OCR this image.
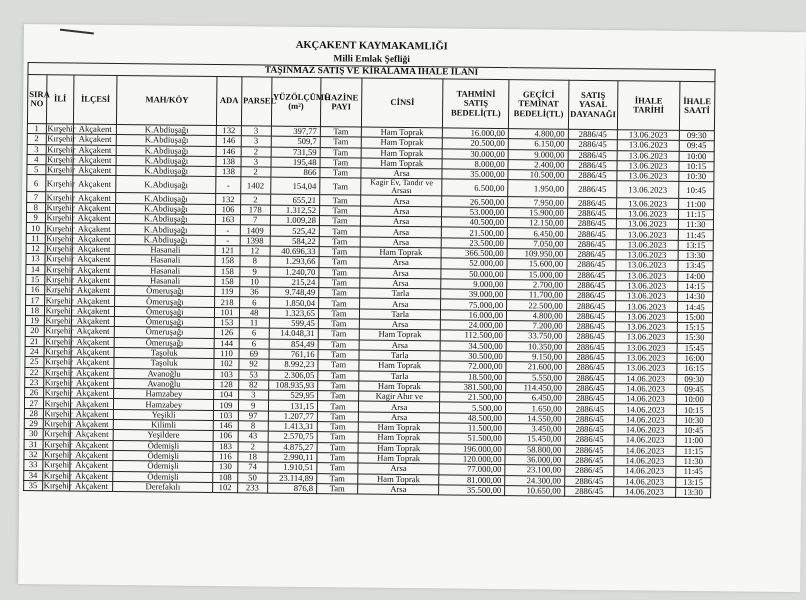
AKÇAKENT KAYMAKAMLIĞI
Milli Emlak Şefliği
TAŞINMAZ SATIŞ VE KİRALAMA İHALE İLANI													
SIRA NO	İLİ	İLÇESİ	MAH/KÖY	ADA	PARSEL	YÜZÖLÇÜMÜ (m²)	HAZİNE PAYI	CİNSİ	TAHMİNİ SATIŞ BEDELİ(TL)	GEÇİCİ TEMİNAT BEDELİ(TL)	SATIŞ YASAL DAYANAĞI	İHALE TARİHİ	İHALE SAATİ
1	Kırşehir	Akçakent	K.Abdiuşağı	132	3	397,77	Tam	Ham Toprak	16.000,00	4.800,00	2886/45	13.06.2023	09:30
2	Kırşehir	Akçakent	K.Abdiuşağı	146	3	509,7	Tam	Ham Toprak	20.500,00	6.150,00	2886/45	13.06.2023	09:45
3	Kırşehir	Akçakent	K.Abdiuşağı	146	2	731,59	Tam	Ham Toprak	30.000,00	9.000,00	2886/45	13.06.2023	10:00
4	Kırşehir	Akçakent	K.Abdiuşağı	138	3	195,48	Tam	Ham Toprak	8.000,00	2.400,00	2886/45	13.06.2023	10:15
5	Kırşehir	Akçakent	K.Abdiuşağı	138	2	866	Tam	Arsa	35.000,00	10.500,00	2886/45	13.06.2023	10:30
6	Kırşehir	Akçakent	K.Abdiuşağı	-	1402	154,04	Tam	Kagir Ev, Tandır ve Arsası	6.500,00	1.950,00	2886/45	13.06.2023	10:45
7	Kırşehir	Akçakent	K.Abdiuşağı	132	2	655,21	Tam	Arsa	26.500,00	7.950,00	2886/45	13.06.2023	11:00
8	Kırşehir	Akçakent	K.Abdiuşağı	106	178	1.312,52	Tam	Arsa	53.000,00	15.900,00	2886/45	13.06.2023	11:15
9	Kırşehir	Akçakent	K.Abdiuşağı	163	7	1.009,28	Tam	Arsa	40.500,00	12.150,00	2886/45	13.06.2023	11:30
10	Kırşehir	Akçakent	K.Abdiuşağı	-	1409	525,42	Tam	Arsa	21.500,00	6.450,00	2886/45	13.06.2023	11:45
11	Kırşehir	Akçakent	K.Abdiuşağı	-	1398	584,22	Tam	Arsa	23.500,00	7.050,00	2886/45	13.06.2023	13:15
12	Kırşehir	Akçakent	Hasanali	121	12	40.696,33	Tam	Ham Toprak	366.500,00	109.950,00	2886/45	13.06.2023	13:30
13	Kırşehir	Akçakent	Hasanali	158	8	1.293,66	Tam	Arsa	52.000,00	15.600,00	2886/45	13.06.2023	13:45
14	Kırşehir	Akçakent	Hasanali	158	9	1.240,70	Tam	Arsa	50.000,00	15.000,00	2886/45	13.06.2023	14:00
15	Kırşehir	Akçakent	Hasanali	158	10	215,24	Tam	Arsa	9.000,00	2.700,00	2886/45	13.06.2023	14:15
16	Kırşehir	Akçakent	Ömeruşağı	119	36	9.748,49	Tam	Tarla	39.000,00	11.700,00	2886/45	13.06.2023	14:30
17	Kırşehir	Akçakent	Ömeruşağı	218	6	1.850,04	Tam	Arsa	75.000,00	22.500,00	2886/45	13.06.2023	14:45
18	Kırşehir	Akçakent	Ömeruşağı	101	48	1.323,65	Tam	Tarla	16.000,00	4.800,00	2886/45	13.06.2023	15:00
19	Kırşehir	Akçakent	Ömeruşağı	153	11	599,45	Tam	Arsa	24.000,00	7.200,00	2886/45	13.06.2023	15:15
20	Kırşehir	Akçakent	Ömeruşağı	126	6	14.048,31	Tam	Ham Toprak	112.500,00	33.750,00	2886/45	13.06.2023	15:30
21	Kırşehir	Akçakent	Ömeruşağı	144	6	854,49	Tam	Arsa	34.500,00	10.350,00	2886/45	13.06.2023	15:45
24	Kırşehir	Akçakent	Taşoluk	110	69	761,16	Tam	Tarla	30.500,00	9.150,00	2886/45	13.06.2023	16:00
25	Kırşehir	Akçakent	Taşoluk	102	92	8.992,23	Tam	Ham Toprak	72.000,00	21.600,00	2886/45	13.06.2023	16:15
22	Kırşehir	Akçakent	Avanoğlu	103	53	2.306,05	Tam	Tarla	18.500,00	5.550,00	2886/45	14.06.2023	09:30
23	Kırşehir	Akçakent	Avanoğlu	128	82	108.935,93	Tam	Ham Toprak	381.500,00	114.450,00	2886/45	14.06.2023	09:45
26	Kırşehir	Akçakent	Hamzabey	104	3	529,95	Tam	Kagir Ahır ve	21.500,00	6.450,00	2886/45	14.06.2023	10:00
27	Kırşehir	Akçakent	Hamzabey	109	9	131,15	Tam	Arsa	5.500,00	1.650,00	2886/45	14.06.2023	10:15
28	Kırşehir	Akçakent	Yeşikli	103	97	1.207,77	Tam	Arsa	48.500,00	14.550,00	2886/45	14.06.2023	10:30
29	Kırşehir	Akçakent	Kilimli	146	8	1.413,31	Tam	Ham Toprak	11.500,00	3.450,00	2886/45	14.06.2023	10:45
30	Kırşehir	Akçakent	Yeşildere	106	43	2.570,75	Tam	Ham Toprak	51.500,00	15.450,00	2886/45	14.06.2023	11:00
31	Kırşehir	Akçakent	Ödemişli	183	2	4.875,27	Tam	Ham Toprak	196.000,00	58.800,00	2886/45	14.06.2023	11:15
32	Kırşehir	Akçakent	Ödemişli	116	18	2.990,11	Tam	Ham Toprak	120.000,00	36.000,00	2886/45	14.06.2023	11:30
33	Kırşehir	Akçakent	Ödemişli	130	74	1.910,51	Tam	Arsa	77.000,00	23.100,00	2886/45	14.06.2023	11:45
34	Kırşehir	Akçakent	Ödemişli	108	50	23.114,89	Tam	Ham Toprak	81.000,00	24.300,00	2886/45	14.06.2023	13:15
35	Kırşehir	Akçakent	Derefakılı	102	233	876,8	Tam	Arsa	35.500,00	10.650,00	2886/45	14.06.2023	13:30
